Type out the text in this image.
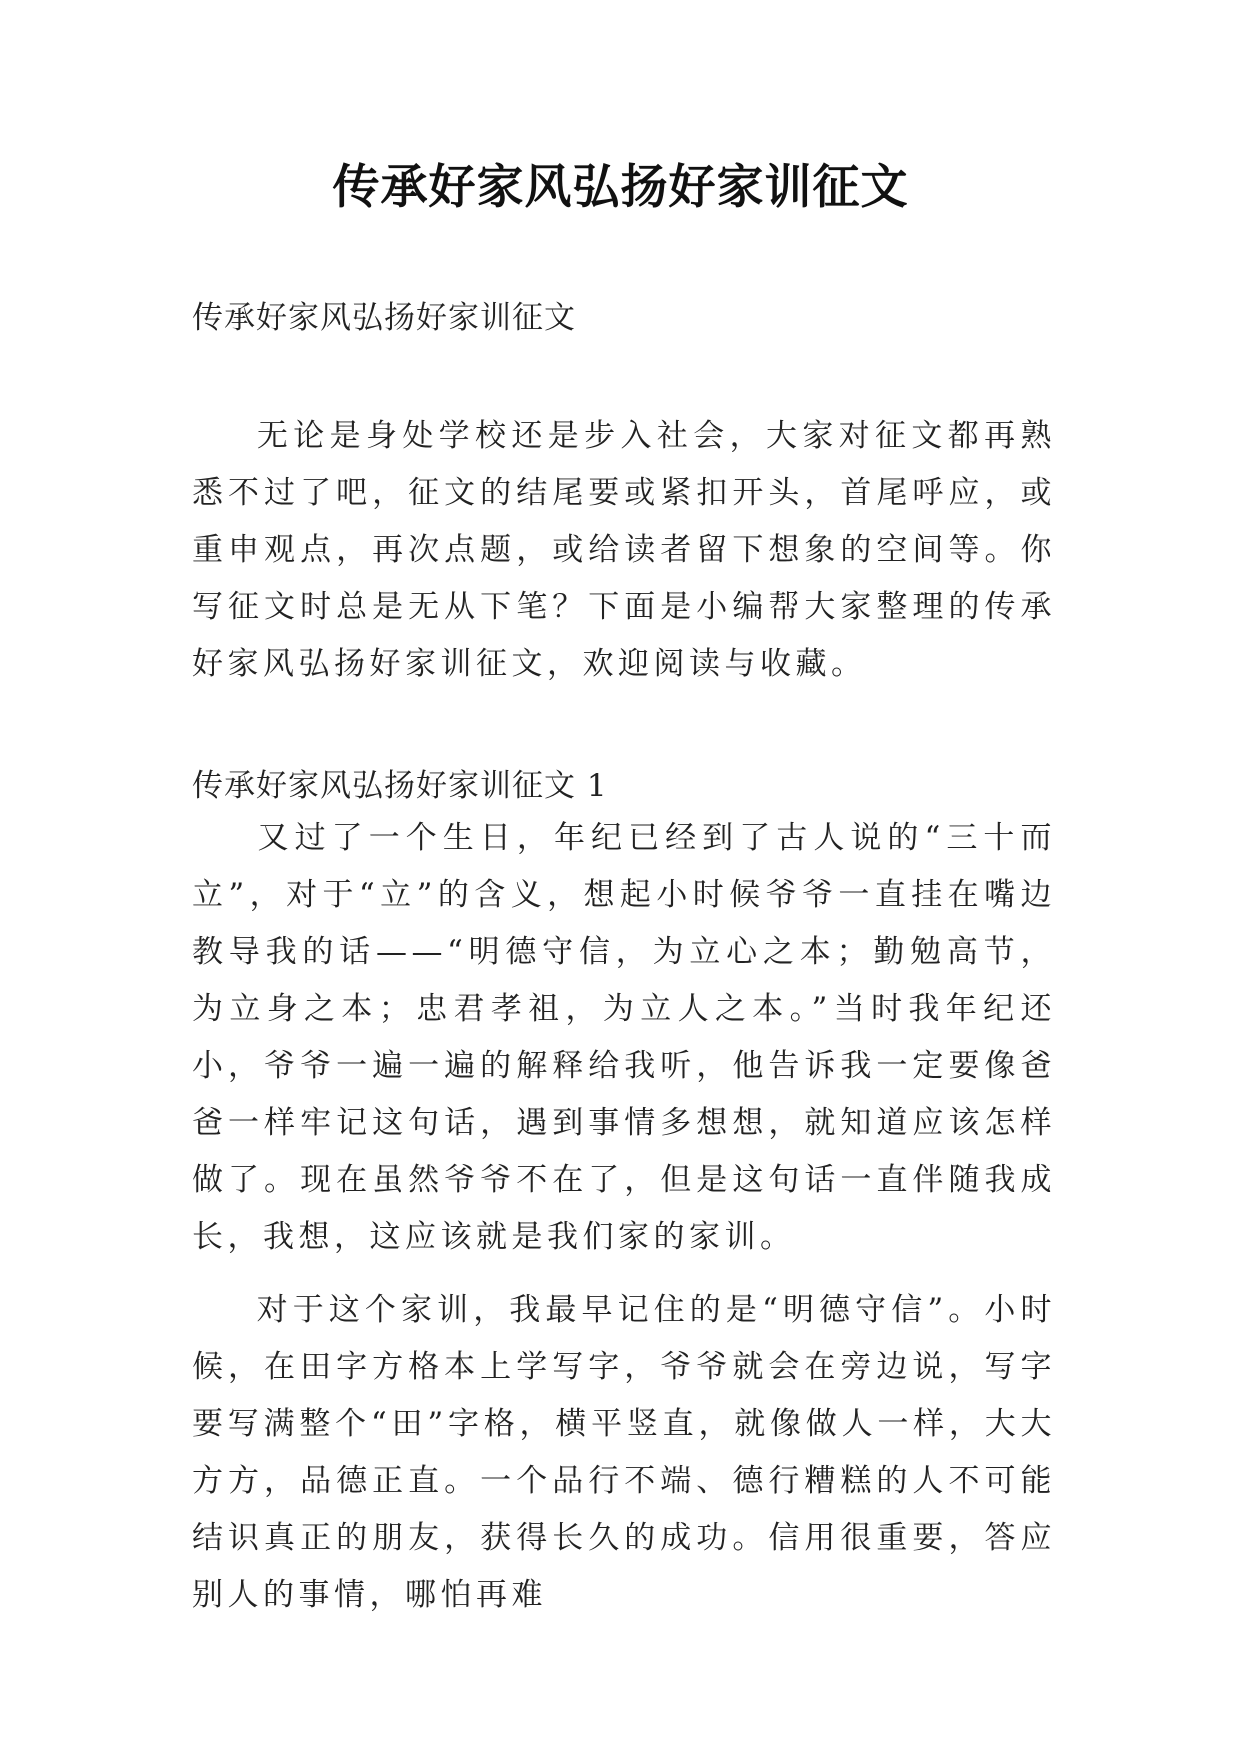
传承好家风弘扬好家训征文

传承好家风弘扬好家训征文

无论是身处学校还是步入社会，大家对征文都再熟悉不过了吧，征文的结尾要或紧扣开头，首尾呼应，或重申观点，再次点题，或给读者留下想象的空间等。你写征文时总是无从下笔？下面是小编帮大家整理的传承好家风弘扬好家训征文，欢迎阅读与收藏。

传承好家风弘扬好家训征文 1

又过了一个生日，年纪已经到了古人说的“三十而立”，对于“立”的含义，想起小时候爷爷一直挂在嘴边教导我的话——“明德守信，为立心之本；勤勉高节，为立身之本；忠君孝祖，为立人之本。”当时我年纪还小，爷爷一遍一遍的解释给我听，他告诉我一定要像爸爸一样牢记这句话，遇到事情多想想，就知道应该怎样做了。现在虽然爷爷不在了，但是这句话一直伴随我成长，我想，这应该就是我们家的家训。

对于这个家训，我最早记住的是“明德守信”。小时候，在田字方格本上学写字，爷爷就会在旁边说，写字要写满整个“田”字格，横平竖直，就像做人一样，大大方方，品德正直。一个品行不端、德行糟糕的人不可能结识真正的朋友，获得长久的成功。信用很重要，答应别人的事情，哪怕再难
